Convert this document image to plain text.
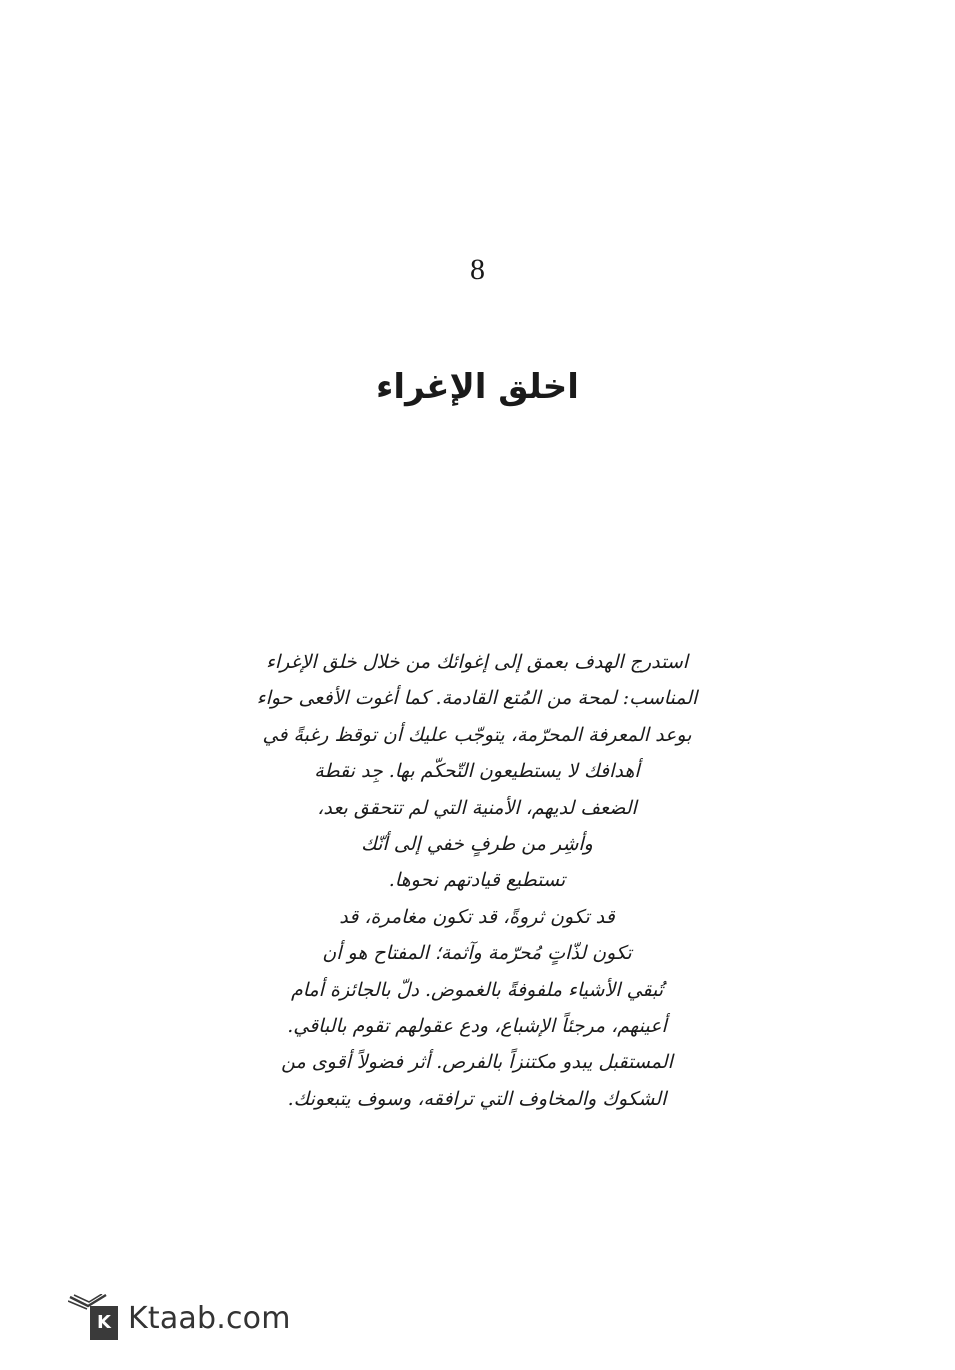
8
اخلق الإغراء
استدرج الهدف بعمق إلى إغوائك من خلال خلق الإغراء
المناسب: لمحة من المُتع القادمة. كما أغوت الأفعى حواء
بوعد المعرفة المحرّمة، يتوجّب عليك أن توقظ رغبةً في
أهدافك لا يستطيعون التّحكّم بها. جِد نقطة
الضعف لديهم، الأمنية التي لم تتحقق بعد،
وأشِر من طرفٍ خفي إلى أنّك
تستطيع قيادتهم نحوها.
قد تكون ثروةً، قد تكون مغامرة، قد
تكون لذّاتٍ مُحرّمة وآثمة؛ المفتاح هو أن
تُبقي الأشياء ملفوفةً بالغموض. دلّ بالجائزة أمام
أعينهم، مرجئاً الإشباع، ودع عقولهم تقوم بالباقي.
المستقبل يبدو مكتنزاً بالفرص. أثر فضولاً أقوى من
الشكوك والمخاوف التي ترافقه، وسوف يتبعونك.
K Ktaab.com
